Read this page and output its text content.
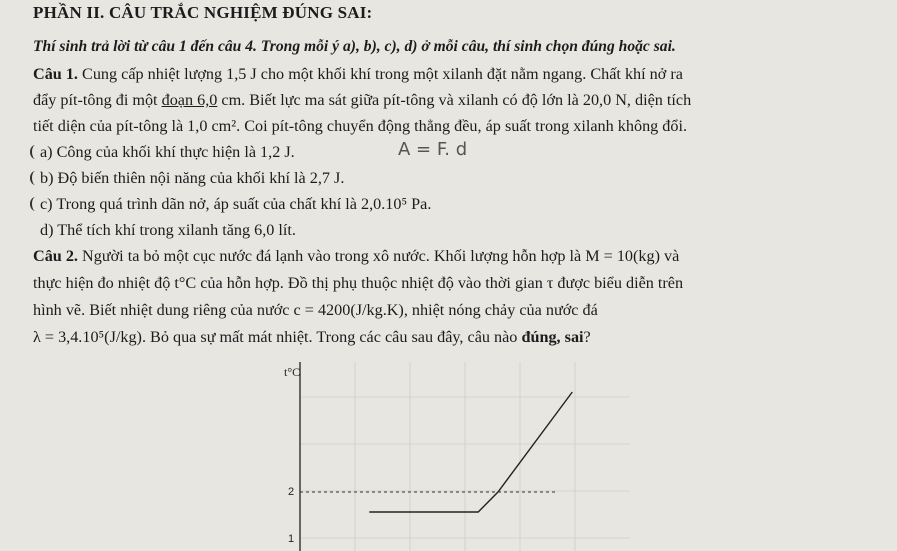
PHẦN II. CÂU TRẮC NGHIỆM ĐÚNG SAI:
Thí sinh trả lời từ câu 1 đến câu 4. Trong mỗi ý a), b), c), d) ở mỗi câu, thí sinh chọn đúng hoặc sai.
Câu 1. Cung cấp nhiệt lượng 1,5 J cho một khối khí trong một xilanh đặt nằm ngang. Chất khí nở ra
đẩy pít-tông đi một đoạn 6,0 cm. Biết lực ma sát giữa pít-tông và xilanh có độ lớn là 20,0 N, diện tích
tiết diện của pít-tông là 1,0 cm². Coi pít-tông chuyển động thẳng đều, áp suất trong xilanh không đổi.
a) Công của khối khí thực hiện là 1,2 J.	A = F. d
b) Độ biến thiên nội năng của khối khí là 2,7 J.
c) Trong quá trình dãn nở, áp suất của chất khí là 2,0.10⁵ Pa.
d) Thể tích khí trong xilanh tăng 6,0 lít.
Câu 2. Người ta bỏ một cục nước đá lạnh vào trong xô nước. Khối lượng hỗn hợp là M = 10(kg) và
thực hiện đo nhiệt độ t°C của hỗn hợp. Đồ thị phụ thuộc nhiệt độ vào thời gian τ được biểu diễn trên
hình vẽ. Biết nhiệt dung riêng của nước c = 4200(J/kg.K), nhiệt nóng chảy của nước đá
λ = 3,4.10⁵(J/kg). Bỏ qua sự mất mát nhiệt. Trong các câu sau đây, câu nào đúng, sai?
t°C
2
1
